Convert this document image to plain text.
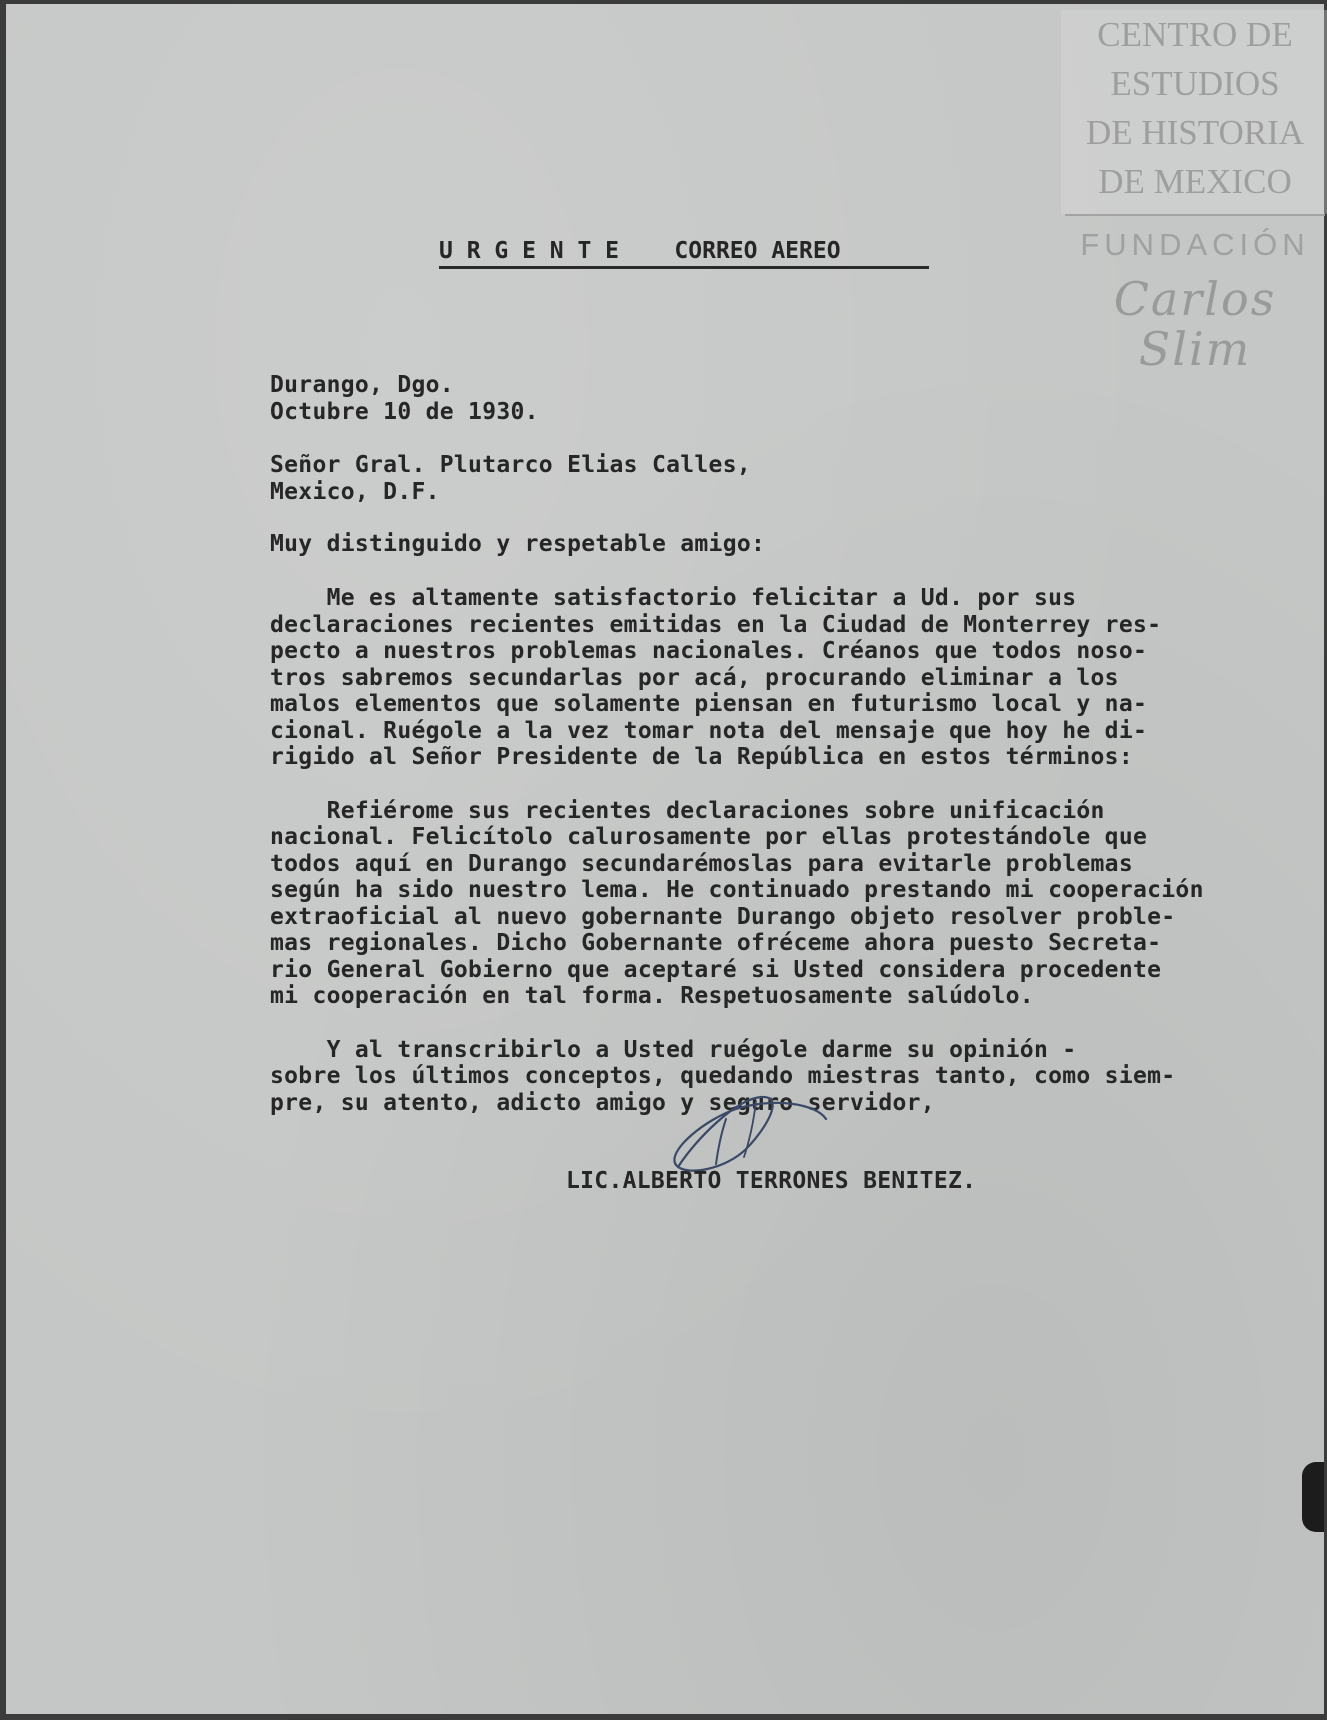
CENTRO DE
ESTUDIOS
DE HISTORIA
DE MEXICO
FUNDACIÓN
Carlos Slim
U R G E N T E    CORREO AEREO
Durango, Dgo.
Octubre 10 de 1930.
Señor Gral. Plutarco Elias Calles,
Mexico, D.F.
Muy distinguido y respetable amigo:
Me es altamente satisfactorio felicitar a Ud. por sus
declaraciones recientes emitidas en la Ciudad de Monterrey res-
pecto a nuestros problemas nacionales. Créanos que todos noso-
tros sabremos secundarlas por acá, procurando eliminar a los
malos elementos que solamente piensan en futurismo local y na-
cional. Ruégole a la vez tomar nota del mensaje que hoy he di-
rigido al Señor Presidente de la República en estos términos:
Refiérome sus recientes declaraciones sobre unificación
nacional. Felicítolo calurosamente por ellas protestándole que
todos aquí en Durango secundarémoslas para evitarle problemas
según ha sido nuestro lema. He continuado prestando mi cooperación
extraoficial al nuevo gobernante Durango objeto resolver proble-
mas regionales. Dicho Gobernante ofréceme ahora puesto Secreta-
rio General Gobierno que aceptaré si Usted considera procedente
mi cooperación en tal forma. Respetuosamente salúdolo.
Y al transcribirlo a Usted ruégole darme su opinión -
sobre los últimos conceptos, quedando miestras tanto, como siem-
pre, su atento, adicto amigo y seguro servidor,
LIC.ALBERTO TERRONES BENITEZ.
